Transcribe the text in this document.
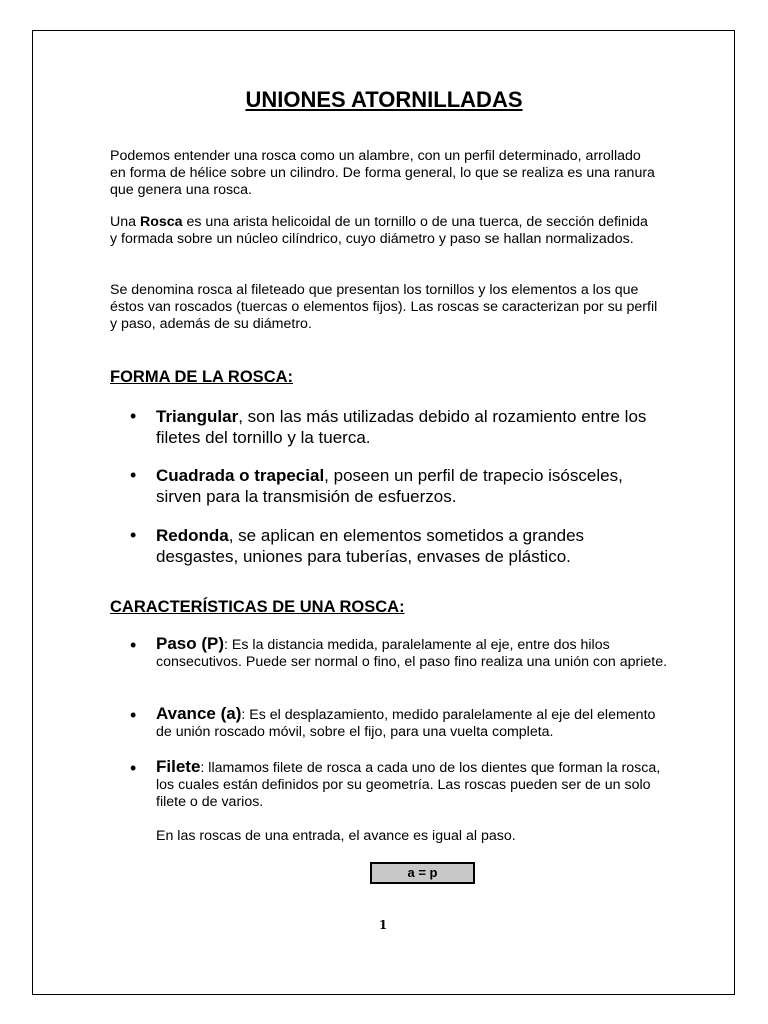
UNIONES ATORNILLADAS

Podemos entender una rosca como un alambre, con un perfil determinado, arrollado en forma de hélice sobre un cilindro. De forma general, lo que se realiza es una ranura que genera una rosca.

Una Rosca es una arista helicoidal de un tornillo o de una tuerca, de sección definida y formada sobre un núcleo cilíndrico, cuyo diámetro y paso se hallan normalizados.

Se denomina rosca al fileteado que presentan los tornillos y los elementos a los que éstos van roscados (tuercas o elementos fijos). Las roscas se caracterizan por su perfil y paso, además de su diámetro.

FORMA DE LA ROSCA:
• Triangular, son las más utilizadas debido al rozamiento entre los filetes del tornillo y la tuerca.
• Cuadrada o trapecial, poseen un perfil de trapecio isósceles, sirven para la transmisión de esfuerzos.
• Redonda, se aplican en elementos sometidos a grandes desgastes, uniones para tuberías, envases de plástico.
CARACTERÍSTICAS DE UNA ROSCA:
• Paso (P): Es la distancia medida, paralelamente al eje, entre dos hilos consecutivos. Puede ser normal o fino, el paso fino realiza una unión con apriete.
• Avance (a): Es el desplazamiento, medido paralelamente al eje del elemento de unión roscado móvil, sobre el fijo, para una vuelta completa.
• Filete: llamamos filete de rosca a cada uno de los dientes que forman la rosca, los cuales están definidos por su geometría. Las roscas pueden ser de un solo filete o de varios.

En las roscas de una entrada, el avance es igual al paso.

a = p
1
